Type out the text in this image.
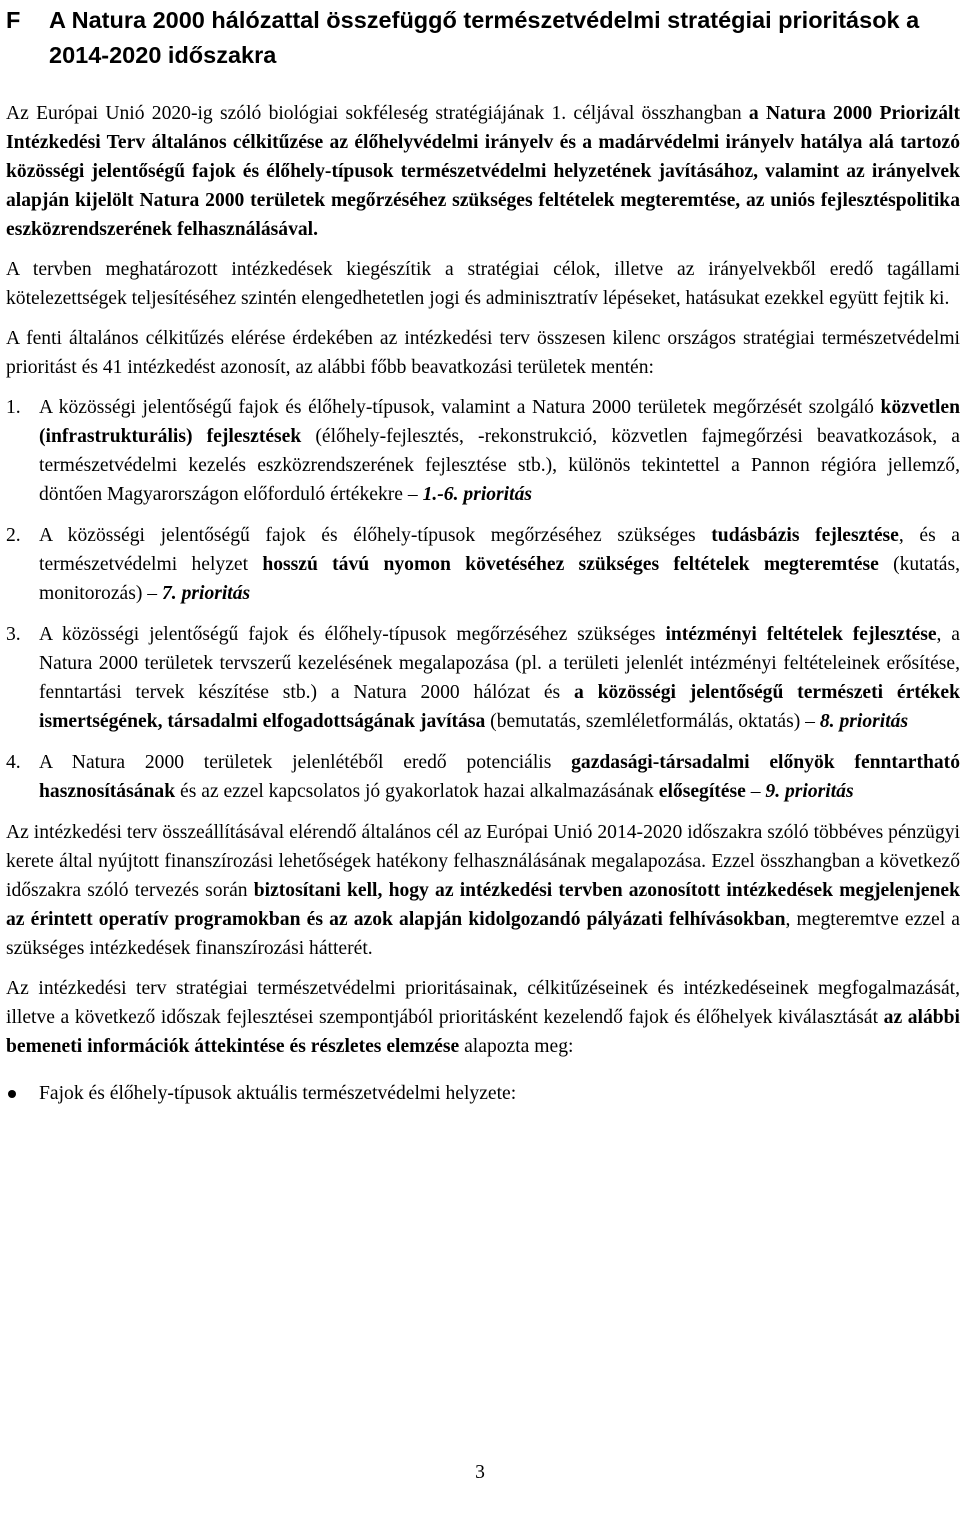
F	A Natura 2000 hálózattal összefüggő természetvédelmi stratégiai prioritások a 2014-2020 időszakra

Az Európai Unió 2020-ig szóló biológiai sokféleség stratégiájának 1. céljával összhangban a Natura 2000 Priorizált Intézkedési Terv általános célkitűzése az élőhelyvédelmi irányelv és a madárvédelmi irányelv hatálya alá tartozó közösségi jelentőségű fajok és élőhely-típusok természetvédelmi helyzetének javításához, valamint az irányelvek alapján kijelölt Natura 2000 területek megőrzéséhez szükséges feltételek megteremtése, az uniós fejlesztéspolitika eszközrendszerének felhasználásával.

A tervben meghatározott intézkedések kiegészítik a stratégiai célok, illetve az irányelvekből eredő tagállami kötelezettségek teljesítéséhez szintén elengedhetetlen jogi és adminisztratív lépéseket, hatásukat ezekkel együtt fejtik ki.

A fenti általános célkitűzés elérése érdekében az intézkedési terv összesen kilenc országos stratégiai természetvédelmi prioritást és 41 intézkedést azonosít, az alábbi főbb beavatkozási területek mentén:

1. A közösségi jelentőségű fajok és élőhely-típusok, valamint a Natura 2000 területek megőrzését szolgáló közvetlen (infrastrukturális) fejlesztések (élőhely-fejlesztés, -rekonstrukció, közvetlen fajmegőrzési beavatkozások, a természetvédelmi kezelés eszközrendszerének fejlesztése stb.), különös tekintettel a Pannon régióra jellemző, döntően Magyarországon előforduló értékekre – 1.-6. prioritás
2. A közösségi jelentőségű fajok és élőhely-típusok megőrzéséhez szükséges tudásbázis fejlesztése, és a természetvédelmi helyzet hosszú távú nyomon követéséhez szükséges feltételek megteremtése (kutatás, monitorozás) – 7. prioritás
3. A közösségi jelentőségű fajok és élőhely-típusok megőrzéséhez szükséges intézményi feltételek fejlesztése, a Natura 2000 területek tervszerű kezelésének megalapozása (pl. a területi jelenlét intézményi feltételeinek erősítése, fenntartási tervek készítése stb.) a Natura 2000 hálózat és a közösségi jelentőségű természeti értékek ismertségének, társadalmi elfogadottságának javítása (bemutatás, szemléletformálás, oktatás) – 8. prioritás
4. A Natura 2000 területek jelenlétéből eredő potenciális gazdasági-társadalmi előnyök fenntartható hasznosításának és az ezzel kapcsolatos jó gyakorlatok hazai alkalmazásának elősegítése – 9. prioritás

Az intézkedési terv összeállításával elérendő általános cél az Európai Unió 2014-2020 időszakra szóló többéves pénzügyi kerete által nyújtott finanszírozási lehetőségek hatékony felhasználásának megalapozása. Ezzel összhangban a következő időszakra szóló tervezés során biztosítani kell, hogy az intézkedési tervben azonosított intézkedések megjelenjenek az érintett operatív programokban és az azok alapján kidolgozandó pályázati felhívásokban, megteremtve ezzel a szükséges intézkedések finanszírozási hátterét.

Az intézkedési terv stratégiai természetvédelmi prioritásainak, célkitűzéseinek és intézkedéseinek megfogalmazását, illetve a következő időszak fejlesztései szempontjából prioritásként kezelendő fajok és élőhelyek kiválasztását az alábbi bemeneti információk áttekintése és részletes elemzése alapozta meg:

Fajok és élőhely-típusok aktuális természetvédelmi helyzete:
3
